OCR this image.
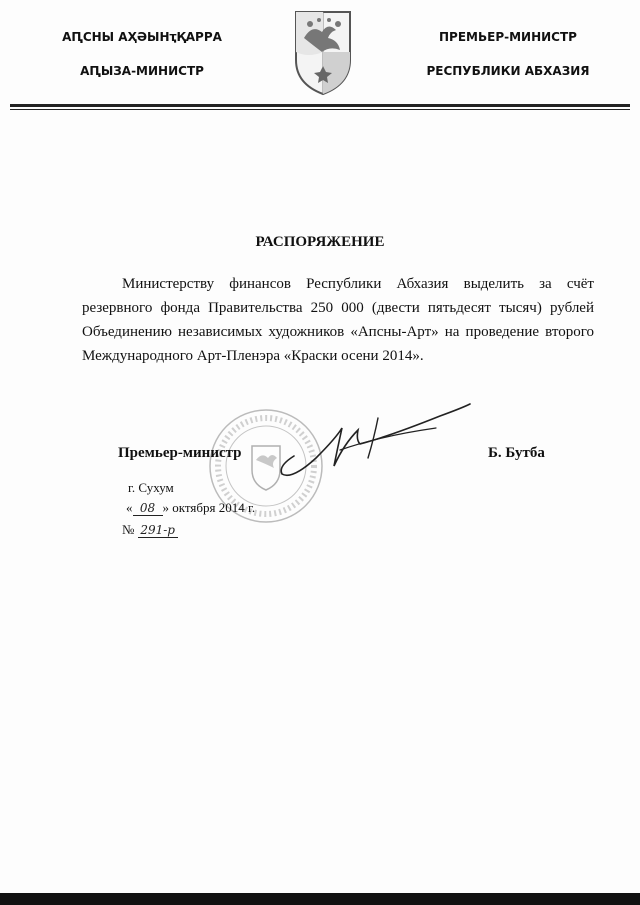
АԤСНЫ АҲӘЫНҭҚАРРА
АԤЫЗА-МИНИСТР
ПРЕМЬЕР-МИНИСТР
РЕСПУБЛИКИ АБХАЗИЯ
РАСПОРЯЖЕНИЕ
Министерству финансов Республики Абхазия выделить за счёт резервного фонда Правительства 250 000 (двести пятьдесят тысяч) рублей Объединению независимых художников «Апсны-Арт» на проведение второго Международного Арт-Пленэра «Краски осени 2014».
Премьер-министр	Б. Бутба
г. Сухум
« 08 » октября 2014 г.
№ 291-р
